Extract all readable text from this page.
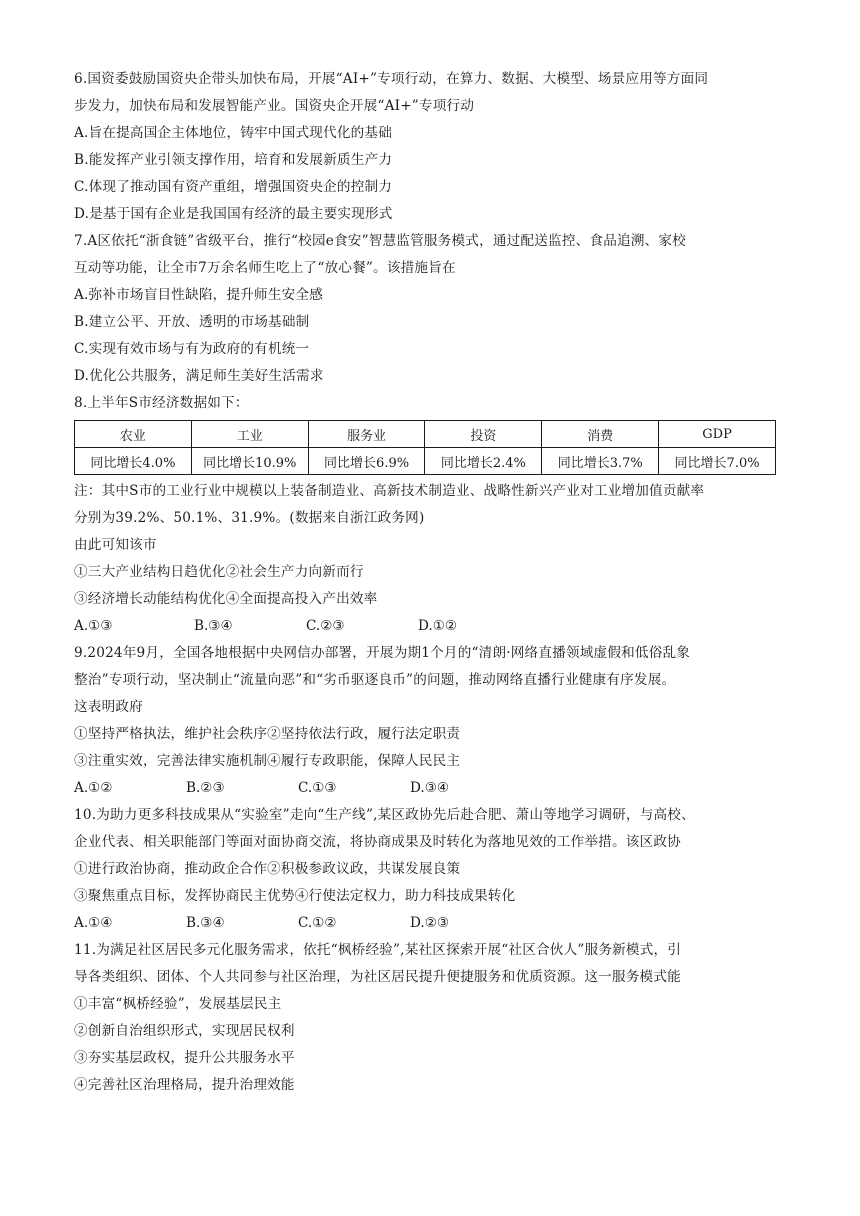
6.国资委鼓励国资央企带头加快布局，开展“AI+”专项行动，在算力、数据、大模型、场景应用等方面同
步发力，加快布局和发展智能产业。国资央企开展“AI+”专项行动
A.旨在提高国企主体地位，铸牢中国式现代化的基础
B.能发挥产业引领支撑作用，培育和发展新质生产力
C.体现了推动国有资产重组，增强国资央企的控制力
D.是基于国有企业是我国国有经济的最主要实现形式
7.A区依托“浙食链”省级平台，推行“校园e食安”智慧监管服务模式，通过配送监控、食品追溯、家校
互动等功能，让全市7万余名师生吃上了“放心餐”。该措施旨在
A.弥补市场盲目性缺陷，提升师生安全感
B.建立公平、开放、透明的市场基础制
C.实现有效市场与有为政府的有机统一
D.优化公共服务，满足师生美好生活需求
8.上半年S市经济数据如下：
农业	工业	服务业	投资	消费	GDP
同比增长4.0%	同比增长10.9%	同比增长6.9%	同比增长2.4%	同比增长3.7%	同比增长7.0%
注：其中S市的工业行业中规模以上装备制造业、高新技术制造业、战略性新兴产业对工业增加值贡献率
分别为39.2%、50.1%、31.9%。(数据来自浙江政务网)
由此可知该市
①三大产业结构日趋优化②社会生产力向新而行
③经济增长动能结构优化④全面提高投入产出效率
A.①③	B.③④	C.②③	D.①②
9.2024年9月，全国各地根据中央网信办部署，开展为期1个月的“清朗·网络直播领域虚假和低俗乱象
整治”专项行动，坚决制止“流量向恶”和“劣币驱逐良币”的问题，推动网络直播行业健康有序发展。
这表明政府
①坚持严格执法，维护社会秩序②坚持依法行政，履行法定职责
③注重实效，完善法律实施机制④履行专政职能，保障人民民主
A.①②	B.②③	C.①③	D.③④
10.为助力更多科技成果从“实验室”走向“生产线”,某区政协先后赴合肥、萧山等地学习调研，与高校、
企业代表、相关职能部门等面对面协商交流，将协商成果及时转化为落地见效的工作举措。该区政协
①进行政治协商，推动政企合作②积极参政议政，共谋发展良策
③聚焦重点目标，发挥协商民主优势④行使法定权力，助力科技成果转化
A.①④	B.③④	C.①②	D.②③
11.为满足社区居民多元化服务需求，依托“枫桥经验”,某社区探索开展“社区合伙人”服务新模式，引
导各类组织、团体、个人共同参与社区治理，为社区居民提升便捷服务和优质资源。这一服务模式能
①丰富“枫桥经验”，发展基层民主
②创新自治组织形式，实现居民权利
③夯实基层政权，提升公共服务水平
④完善社区治理格局，提升治理效能
